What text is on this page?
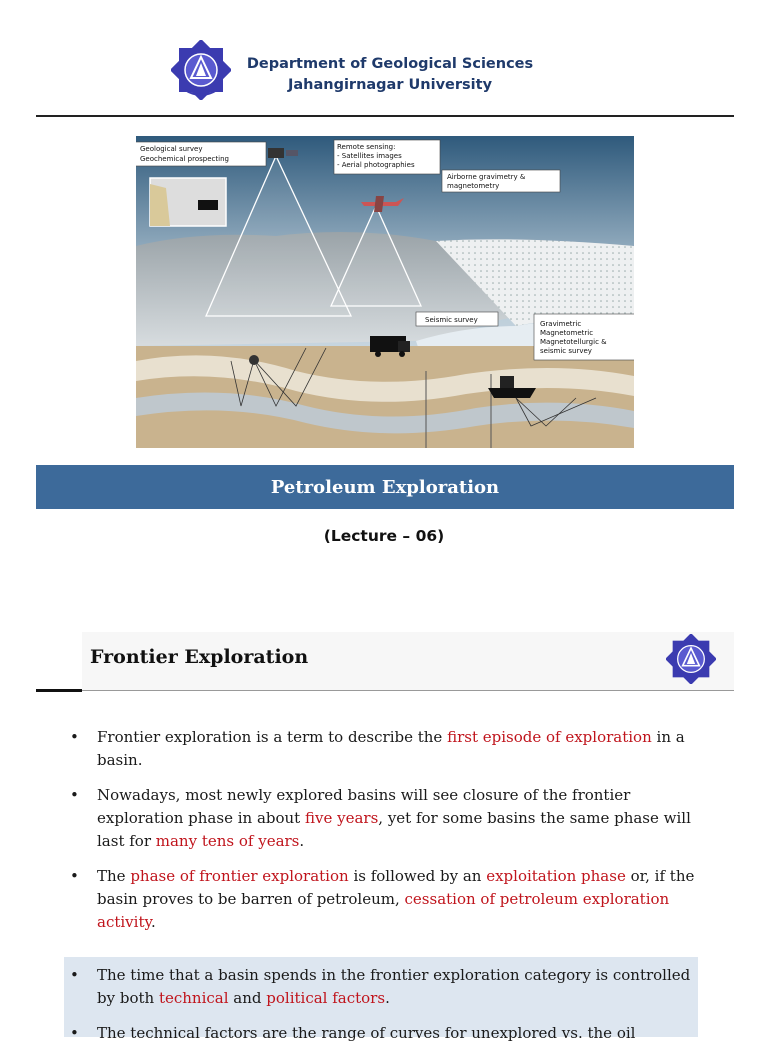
Department of Geological Sciences
Jahangirnagar University
Geological survey
Geochemical prospecting
Remote sensing:
- Satellites images
- Aerial photographies
Airborne gravimetry &
magnetometry
Seismic survey	Gravimetric
Magnetometric
Magnetotellurgic &
seismic survey
Petroleum Exploration
(Lecture – 06)
Frontier Exploration
• Frontier exploration is a term to describe the first episode of exploration in a basin.
• Nowadays, most newly explored basins will see closure of the frontier exploration phase in about five years, yet for some basins the same phase will last for many tens of years.
• The phase of frontier exploration is followed by an exploitation phase or, if the basin proves to be barren of petroleum, cessation of petroleum exploration activity.
• The time that a basin spends in the frontier exploration category is controlled by both technical and political factors.
• The technical factors are the range of curves for unexplored vs. the oil
